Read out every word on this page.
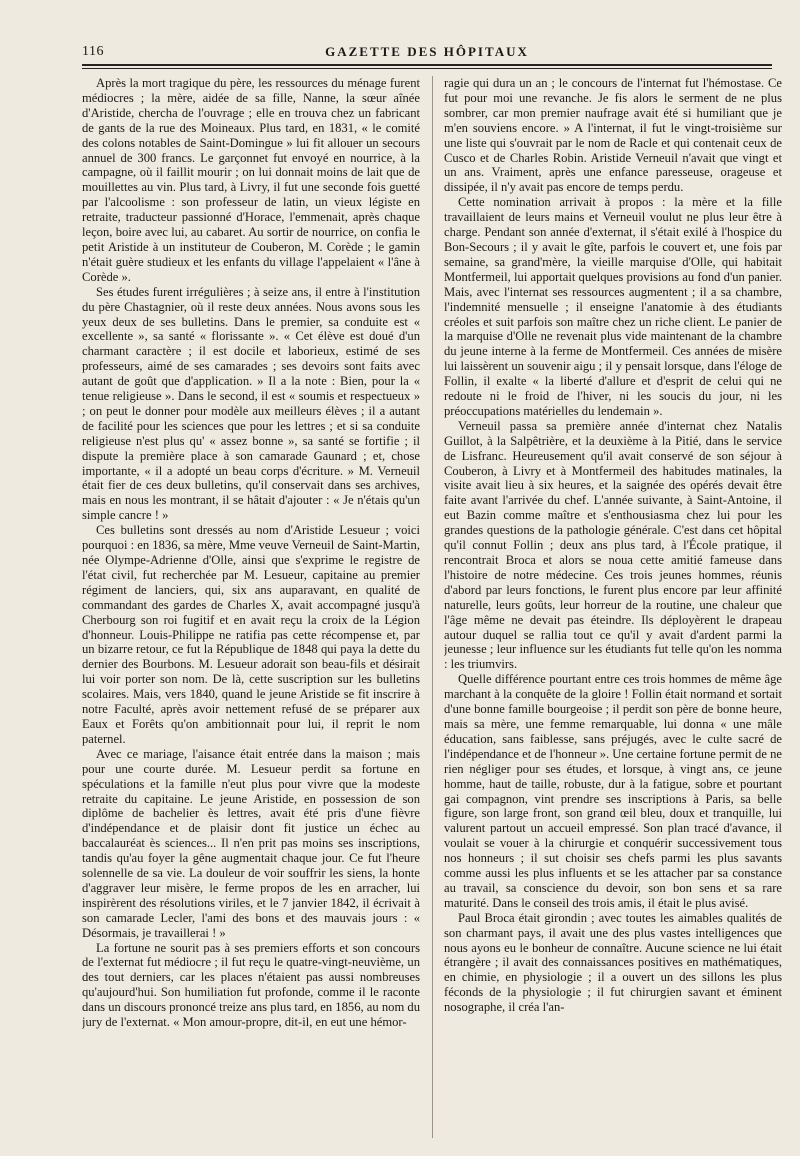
116	GAZETTE DES HÔPITAUX

Après la mort tragique du père, les ressources du ménage furent médiocres ; la mère, aidée de sa fille, Nanne, la sœur aînée d'Aristide, chercha de l'ouvrage ; elle en trouva chez un fabricant de gants de la rue des Moineaux. Plus tard, en 1831, « le comité des colons notables de Saint-Domingue » lui fit allouer un secours annuel de 300 francs. Le garçonnet fut envoyé en nourrice, à la campagne, où il faillit mourir ; on lui donnait moins de lait que de mouillettes au vin. Plus tard, à Livry, il fut une seconde fois guetté par l'alcoolisme : son professeur de latin, un vieux légiste en retraite, traducteur passionné d'Horace, l'emmenait, après chaque leçon, boire avec lui, au cabaret. Au sortir de nourrice, on confia le petit Aristide à un instituteur de Couberon, M. Corède ; le gamin n'était guère studieux et les enfants du village l'appelaient « l'âne à Corède ».

Ses études furent irrégulières ; à seize ans, il entre à l'institution du père Chastagnier, où il reste deux années. Nous avons sous les yeux deux de ses bulletins. Dans le premier, sa conduite est « excellente », sa santé « florissante ». « Cet élève est doué d'un charmant caractère ; il est docile et laborieux, estimé de ses professeurs, aimé de ses camarades ; ses devoirs sont faits avec autant de goût que d'application. » Il a la note : Bien, pour la « tenue religieuse ». Dans le second, il est « soumis et respectueux » ; on peut le donner pour modèle aux meilleurs élèves ; il a autant de facilité pour les sciences que pour les lettres ; et si sa conduite religieuse n'est plus qu' « assez bonne », sa santé se fortifie ; il dispute la première place à son camarade Gaunard ; et, chose importante, « il a adopté un beau corps d'écriture. » M. Verneuil était fier de ces deux bulletins, qu'il conservait dans ses archives, mais en nous les montrant, il se hâtait d'ajouter : « Je n'étais qu'un simple cancre ! »

Ces bulletins sont dressés au nom d'Aristide Lesueur ; voici pourquoi : en 1836, sa mère, Mme veuve Verneuil de Saint-Martin, née Olympe-Adrienne d'Olle, ainsi que s'exprime le registre de l'état civil, fut recherchée par M. Lesueur, capitaine au premier régiment de lanciers, qui, six ans auparavant, en qualité de commandant des gardes de Charles X, avait accompagné jusqu'à Cherbourg son roi fugitif et en avait reçu la croix de la Légion d'honneur. Louis-Philippe ne ratifia pas cette récompense et, par un bizarre retour, ce fut la République de 1848 qui paya la dette du dernier des Bourbons. M. Lesueur adorait son beau-fils et désirait lui voir porter son nom. De là, cette suscription sur les bulletins scolaires. Mais, vers 1840, quand le jeune Aristide se fit inscrire à notre Faculté, après avoir nettement refusé de se préparer aux Eaux et Forêts qu'on ambitionnait pour lui, il reprit le nom paternel.

Avec ce mariage, l'aisance était entrée dans la maison ; mais pour une courte durée. M. Lesueur perdit sa fortune en spéculations et la famille n'eut plus pour vivre que la modeste retraite du capitaine. Le jeune Aristide, en possession de son diplôme de bachelier ès lettres, avait été pris d'une fièvre d'indépendance et de plaisir dont fit justice un échec au baccalauréat ès sciences... Il n'en prit pas moins ses inscriptions, tandis qu'au foyer la gêne augmentait chaque jour. Ce fut l'heure solennelle de sa vie. La douleur de voir souffrir les siens, la honte d'aggraver leur misère, le ferme propos de les en arracher, lui inspirèrent des résolutions viriles, et le 7 janvier 1842, il écrivait à son camarade Lecler, l'ami des bons et des mauvais jours : « Désormais, je travaillerai ! »

La fortune ne sourit pas à ses premiers efforts et son concours de l'externat fut médiocre ; il fut reçu le quatre-vingt-neuvième, un des tout derniers, car les places n'étaient pas aussi nombreuses qu'aujourd'hui. Son humiliation fut profonde, comme il le raconte dans un discours prononcé treize ans plus tard, en 1856, au nom du jury de l'externat. « Mon amour-propre, dit-il, en eut une hémor-

ragie qui dura un an ; le concours de l'internat fut l'hémostase. Ce fut pour moi une revanche. Je fis alors le serment de ne plus sombrer, car mon premier naufrage avait été si humiliant que je m'en souviens encore. » A l'internat, il fut le vingt-troisième sur une liste qui s'ouvrait par le nom de Racle et qui contenait ceux de Cusco et de Charles Robin. Aristide Verneuil n'avait que vingt et un ans. Vraiment, après une enfance paresseuse, orageuse et dissipée, il n'y avait pas encore de temps perdu.

Cette nomination arrivait à propos : la mère et la fille travaillaient de leurs mains et Verneuil voulut ne plus leur être à charge. Pendant son année d'externat, il s'était exilé à l'hospice du Bon-Secours ; il y avait le gîte, parfois le couvert et, une fois par semaine, sa grand'mère, la vieille marquise d'Olle, qui habitait Montfermeil, lui apportait quelques provisions au fond d'un panier. Mais, avec l'internat ses ressources augmentent ; il a sa chambre, l'indemnité mensuelle ; il enseigne l'anatomie à des étudiants créoles et suit parfois son maître chez un riche client. Le panier de la marquise d'Olle ne revenait plus vide maintenant de la chambre du jeune interne à la ferme de Montfermeil. Ces années de misère lui laissèrent un souvenir aigu ; il y pensait lorsque, dans l'éloge de Follin, il exalte « la liberté d'allure et d'esprit de celui qui ne redoute ni le froid de l'hiver, ni les soucis du jour, ni les préoccupations matérielles du lendemain ».

Verneuil passa sa première année d'internat chez Natalis Guillot, à la Salpêtrière, et la deuxième à la Pitié, dans le service de Lisfranc. Heureusement qu'il avait conservé de son séjour à Couberon, à Livry et à Montfermeil des habitudes matinales, la visite avait lieu à six heures, et la saignée des opérés devait être faite avant l'arrivée du chef. L'année suivante, à Saint-Antoine, il eut Bazin comme maître et s'enthousiasma chez lui pour les grandes questions de la pathologie générale. C'est dans cet hôpital qu'il connut Follin ; deux ans plus tard, à l'École pratique, il rencontrait Broca et alors se noua cette amitié fameuse dans l'histoire de notre médecine. Ces trois jeunes hommes, réunis d'abord par leurs fonctions, le furent plus encore par leur affinité naturelle, leurs goûts, leur horreur de la routine, une chaleur que l'âge même ne devait pas éteindre. Ils déployèrent le drapeau autour duquel se rallia tout ce qu'il y avait d'ardent parmi la jeunesse ; leur influence sur les étudiants fut telle qu'on les nomma : les triumvirs.

Quelle différence pourtant entre ces trois hommes de même âge marchant à la conquête de la gloire ! Follin était normand et sortait d'une bonne famille bourgeoise ; il perdit son père de bonne heure, mais sa mère, une femme remarquable, lui donna « une mâle éducation, sans faiblesse, sans préjugés, avec le culte sacré de l'indépendance et de l'honneur ». Une certaine fortune permit de ne rien négliger pour ses études, et lorsque, à vingt ans, ce jeune homme, haut de taille, robuste, dur à la fatigue, sobre et pourtant gai compagnon, vint prendre ses inscriptions à Paris, sa belle figure, son large front, son grand œil bleu, doux et tranquille, lui valurent partout un accueil empressé. Son plan tracé d'avance, il voulait se vouer à la chirurgie et conquérir successivement tous nos honneurs ; il sut choisir ses chefs parmi les plus savants comme aussi les plus influents et se les attacher par sa constance au travail, sa conscience du devoir, son bon sens et sa rare maturité. Dans le conseil des trois amis, il était le plus avisé.

Paul Broca était girondin ; avec toutes les aimables qualités de son charmant pays, il avait une des plus vastes intelligences que nous ayons eu le bonheur de connaître. Aucune science ne lui était étrangère ; il avait des connaissances positives en mathématiques, en chimie, en physiologie ; il a ouvert un des sillons les plus féconds de la physiologie ; il fut chirurgien savant et éminent nosographe, il créa l'an-
